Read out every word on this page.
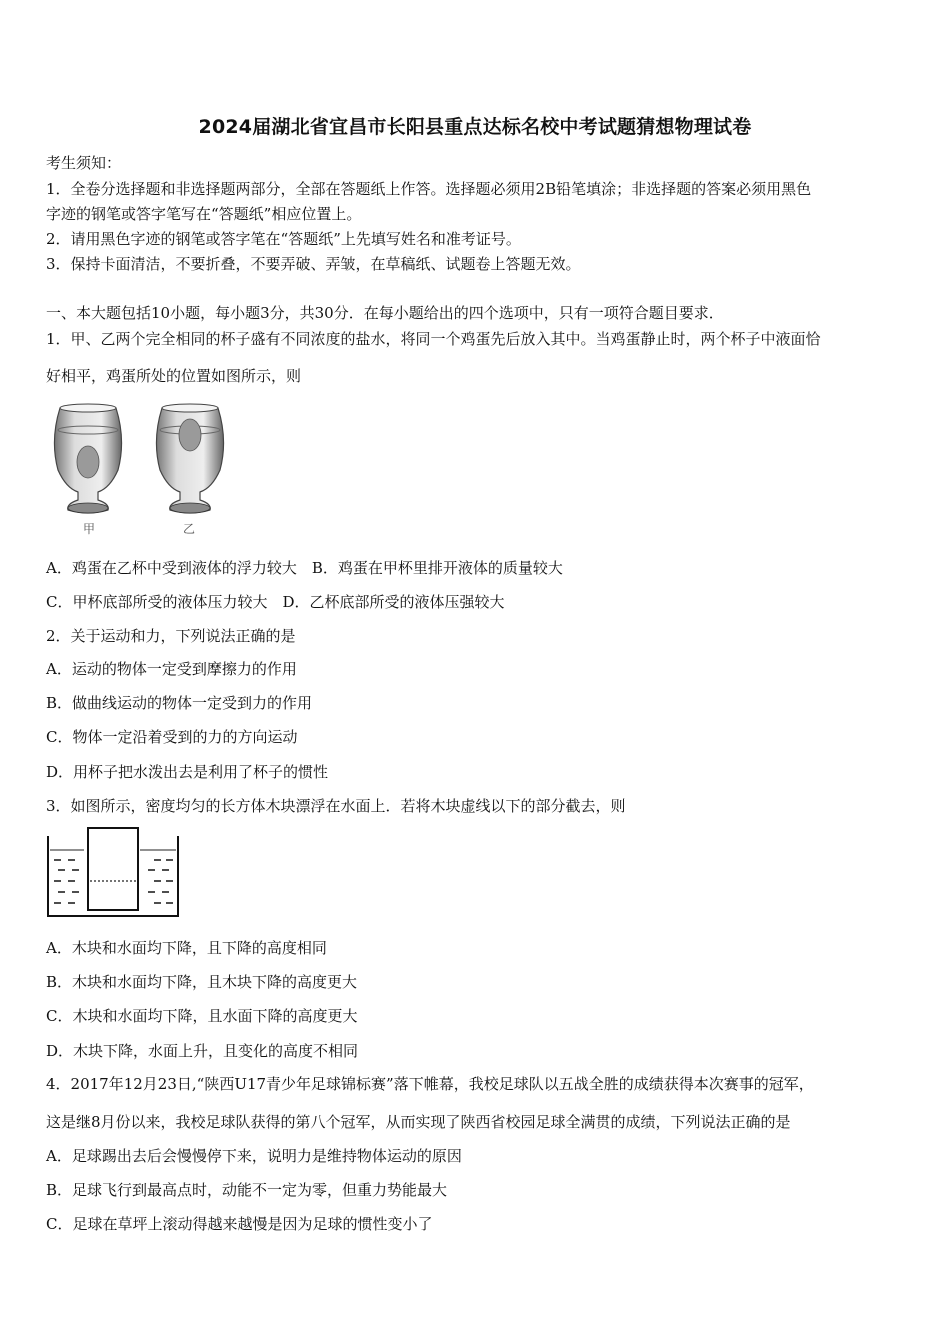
2024届湖北省宜昌市长阳县重点达标名校中考试题猜想物理试卷
考生须知：
1．全卷分选择题和非选择题两部分，全部在答题纸上作答。选择题必须用2B铅笔填涂；非选择题的答案必须用黑色
字迹的钢笔或答字笔写在“答题纸”相应位置上。
2．请用黑色字迹的钢笔或答字笔在“答题纸”上先填写姓名和准考证号。
3．保持卡面清洁，不要折叠，不要弄破、弄皱，在草稿纸、试题卷上答题无效。
一、本大题包括10小题，每小题3分，共30分．在每小题给出的四个选项中，只有一项符合题目要求．
1．甲、乙两个完全相同的杯子盛有不同浓度的盐水，将同一个鸡蛋先后放入其中。当鸡蛋静止时，两个杯子中液面恰
好相平，鸡蛋所处的位置如图所示，则
甲	乙
A．鸡蛋在乙杯中受到液体的浮力较大　B．鸡蛋在甲杯里排开液体的质量较大
C．甲杯底部所受的液体压力较大　D．乙杯底部所受的液体压强较大
2．关于运动和力，下列说法正确的是
A．运动的物体一定受到摩擦力的作用
B．做曲线运动的物体一定受到力的作用
C．物体一定沿着受到的力的方向运动
D．用杯子把水泼出去是利用了杯子的惯性
3．如图所示，密度均匀的长方体木块漂浮在水面上．若将木块虚线以下的部分截去，则
A．木块和水面均下降，且下降的高度相同
B．木块和水面均下降，且木块下降的高度更大
C．木块和水面均下降，且水面下降的高度更大
D．木块下降，水面上升，且变化的高度不相同
4．2017年12月23日,“陕西U17青少年足球锦标赛”落下帷幕，我校足球队以五战全胜的成绩获得本次赛事的冠军，
这是继8月份以来，我校足球队获得的第八个冠军，从而实现了陕西省校园足球全满贯的成绩，下列说法正确的是
A．足球踢出去后会慢慢停下来，说明力是维持物体运动的原因
B．足球飞行到最高点时，动能不一定为零，但重力势能最大
C．足球在草坪上滚动得越来越慢是因为足球的惯性变小了
